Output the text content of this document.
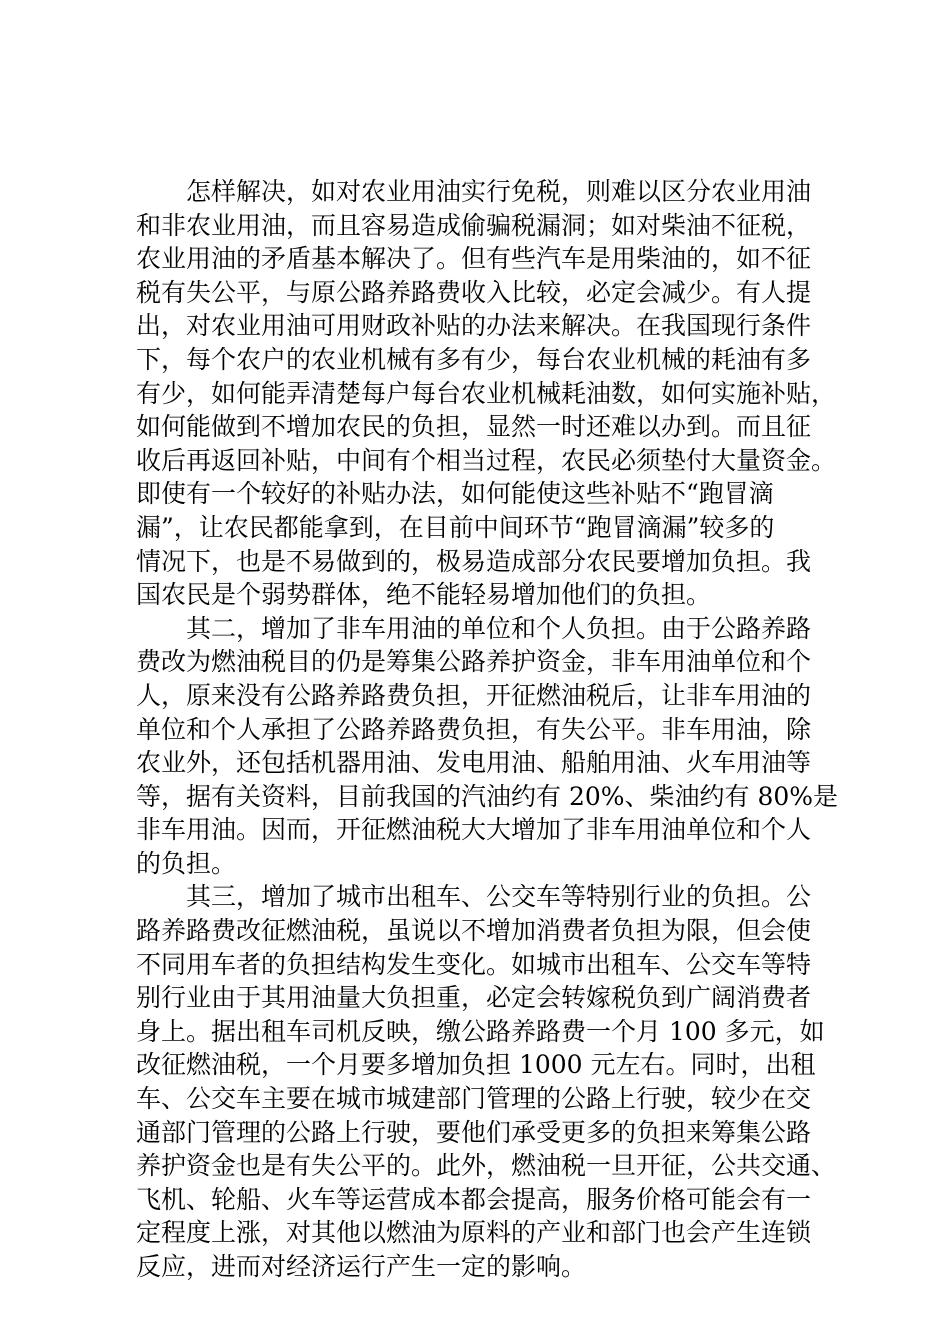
怎样解决，如对农业用油实行免税，则难以区分农业用油
和非农业用油，而且容易造成偷骗税漏洞；如对柴油不征税，
农业用油的矛盾基本解决了。但有些汽车是用柴油的，如不征
税有失公平，与原公路养路费收入比较，必定会减少。有人提
出，对农业用油可用财政补贴的办法来解决。在我国现行条件
下，每个农户的农业机械有多有少，每台农业机械的耗油有多
有少，如何能弄清楚每户每台农业机械耗油数，如何实施补贴，
如何能做到不增加农民的负担，显然一时还难以办到。而且征
收后再返回补贴，中间有个相当过程，农民必须垫付大量资金。
即使有一个较好的补贴办法，如何能使这些补贴不“跑冒滴
漏”，让农民都能拿到，在目前中间环节“跑冒滴漏”较多的
情况下，也是不易做到的，极易造成部分农民要增加负担。我
国农民是个弱势群体，绝不能轻易增加他们的负担。
其二，增加了非车用油的单位和个人负担。由于公路养路
费改为燃油税目的仍是筹集公路养护资金，非车用油单位和个
人，原来没有公路养路费负担，开征燃油税后，让非车用油的
单位和个人承担了公路养路费负担，有失公平。非车用油，除
农业外，还包括机器用油、发电用油、船舶用油、火车用油等
等，据有关资料，目前我国的汽油约有 20%、柴油约有 80%是
非车用油。因而，开征燃油税大大增加了非车用油单位和个人
的负担。
其三，增加了城市出租车、公交车等特别行业的负担。公
路养路费改征燃油税，虽说以不增加消费者负担为限，但会使
不同用车者的负担结构发生变化。如城市出租车、公交车等特
别行业由于其用油量大负担重，必定会转嫁税负到广阔消费者
身上。据出租车司机反映，缴公路养路费一个月 100 多元，如
改征燃油税，一个月要多增加负担 1000 元左右。同时，出租
车、公交车主要在城市城建部门管理的公路上行驶，较少在交
通部门管理的公路上行驶，要他们承受更多的负担来筹集公路
养护资金也是有失公平的。此外，燃油税一旦开征，公共交通、
飞机、轮船、火车等运营成本都会提高，服务价格可能会有一
定程度上涨，对其他以燃油为原料的产业和部门也会产生连锁
反应，进而对经济运行产生一定的影响。
